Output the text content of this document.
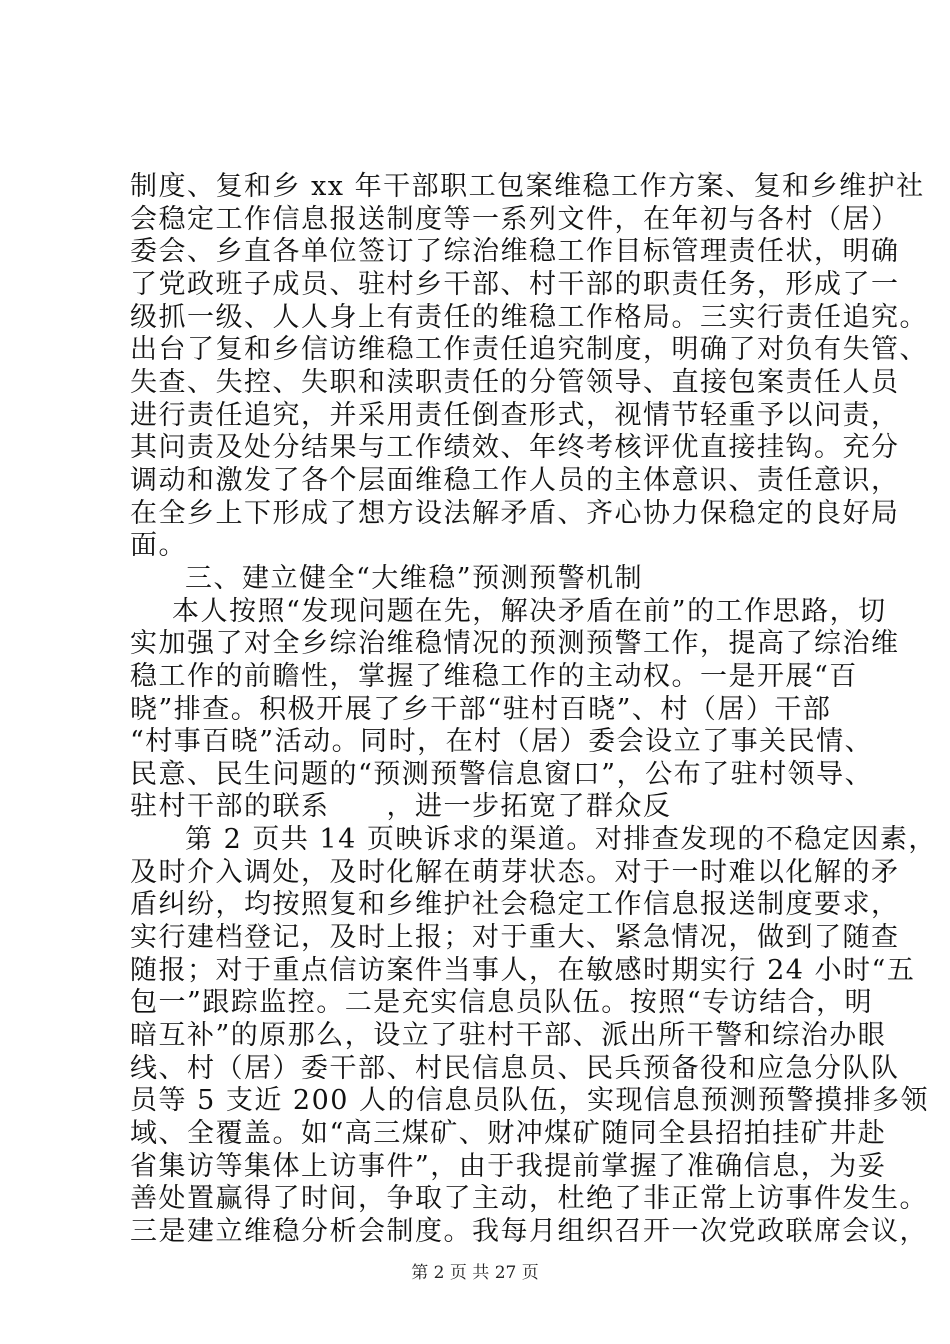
制度、复和乡 xx 年干部职工包案维稳工作方案、复和乡维护社
会稳定工作信息报送制度等一系列文件，在年初与各村（居）
委会、乡直各单位签订了综治维稳工作目标管理责任状，明确
了党政班子成员、驻村乡干部、村干部的职责任务，形成了一
级抓一级、人人身上有责任的维稳工作格局。三实行责任追究。
出台了复和乡信访维稳工作责任追究制度，明确了对负有失管、
失查、失控、失职和渎职责任的分管领导、直接包案责任人员
进行责任追究，并采用责任倒查形式，视情节轻重予以问责，
其问责及处分结果与工作绩效、年终考核评优直接挂钩。充分
调动和激发了各个层面维稳工作人员的主体意识、责任意识，
在全乡上下形成了想方设法解矛盾、齐心协力保稳定的良好局
面。
三、建立健全“大维稳”预测预警机制
本人按照“发现问题在先，解决矛盾在前”的工作思路，切
实加强了对全乡综治维稳情况的预测预警工作，提高了综治维
稳工作的前瞻性，掌握了维稳工作的主动权。一是开展“百
晓”排查。积极开展了乡干部“驻村百晓”、村（居）干部
“村事百晓”活动。同时，在村（居）委会设立了事关民情、
民意、民生问题的“预测预警信息窗口”，公布了驻村领导、
驻村干部的联系　　，进一步拓宽了群众反
第 2 页共 14 页映诉求的渠道。对排查发现的不稳定因素，
及时介入调处，及时化解在萌芽状态。对于一时难以化解的矛
盾纠纷，均按照复和乡维护社会稳定工作信息报送制度要求，
实行建档登记，及时上报；对于重大、紧急情况，做到了随查
随报；对于重点信访案件当事人，在敏感时期实行 24 小时“五
包一”跟踪监控。二是充实信息员队伍。按照“专访结合，明
暗互补”的原那么，设立了驻村干部、派出所干警和综治办眼
线、村（居）委干部、村民信息员、民兵预备役和应急分队队
员等 5 支近 200 人的信息员队伍，实现信息预测预警摸排多领
域、全覆盖。如“高三煤矿、财冲煤矿随同全县招拍挂矿井赴
省集访等集体上访事件”，由于我提前掌握了准确信息，为妥
善处置赢得了时间，争取了主动，杜绝了非正常上访事件发生。
三是建立维稳分析会制度。我每月组织召开一次党政联席会议，
第 2 页 共 27 页
